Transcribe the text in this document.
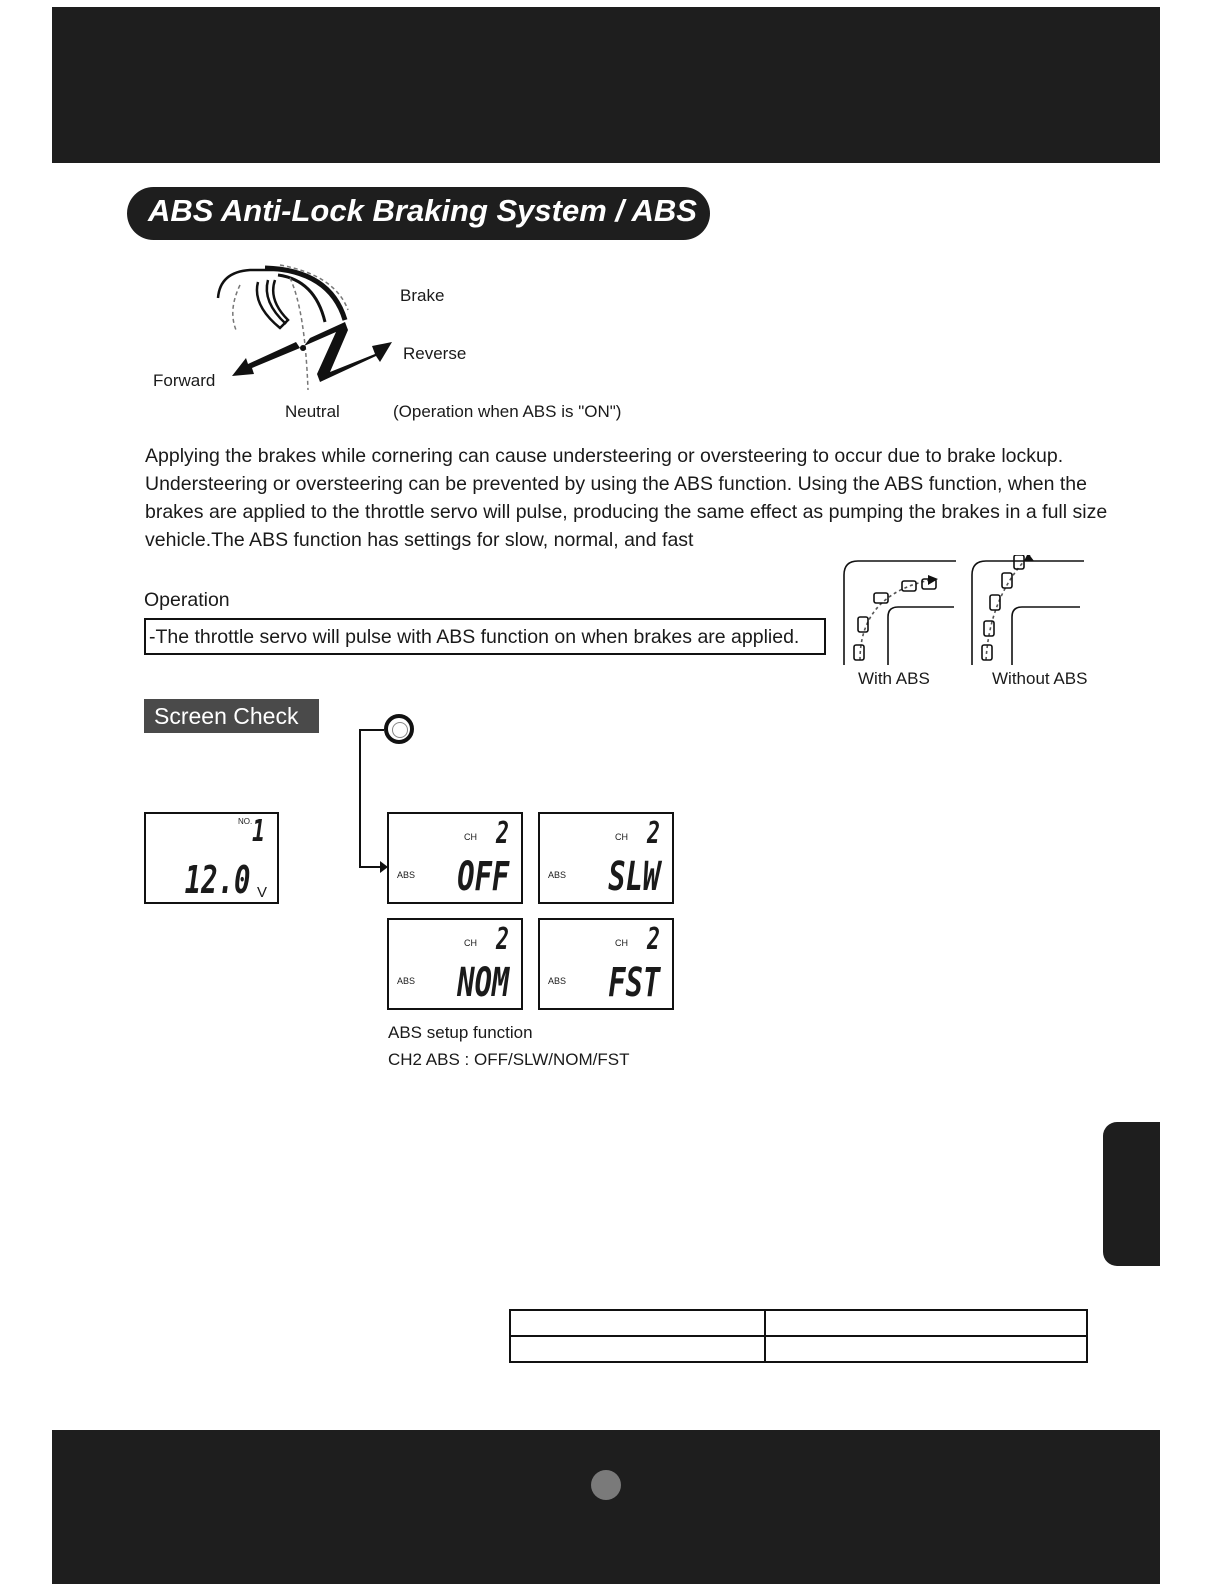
ABS Anti-Lock Braking System / ABS
Brake
Reverse
Forward
Neutral	(Operation when ABS is "ON")
Applying the brakes while cornering can cause understeering or oversteering to occur due to brake lockup. Understeering or oversteering can be prevented by using the ABS function. Using the ABS function, when the brakes are applied to the throttle servo will pulse, producing the same effect as pumping the brakes in a full size vehicle.The ABS function has settings for slow, normal, and fast
Operation
-The throttle servo will pulse with ABS function on when brakes are applied.
With ABS	Without ABS
Screen Check
NO. 1
12.0 V
CH 2
ABS OFF
CH 2
ABS SLW
CH 2
ABS NOM
CH 2
ABS FST
ABS setup function
CH2 ABS : OFF/SLW/NOM/FST
